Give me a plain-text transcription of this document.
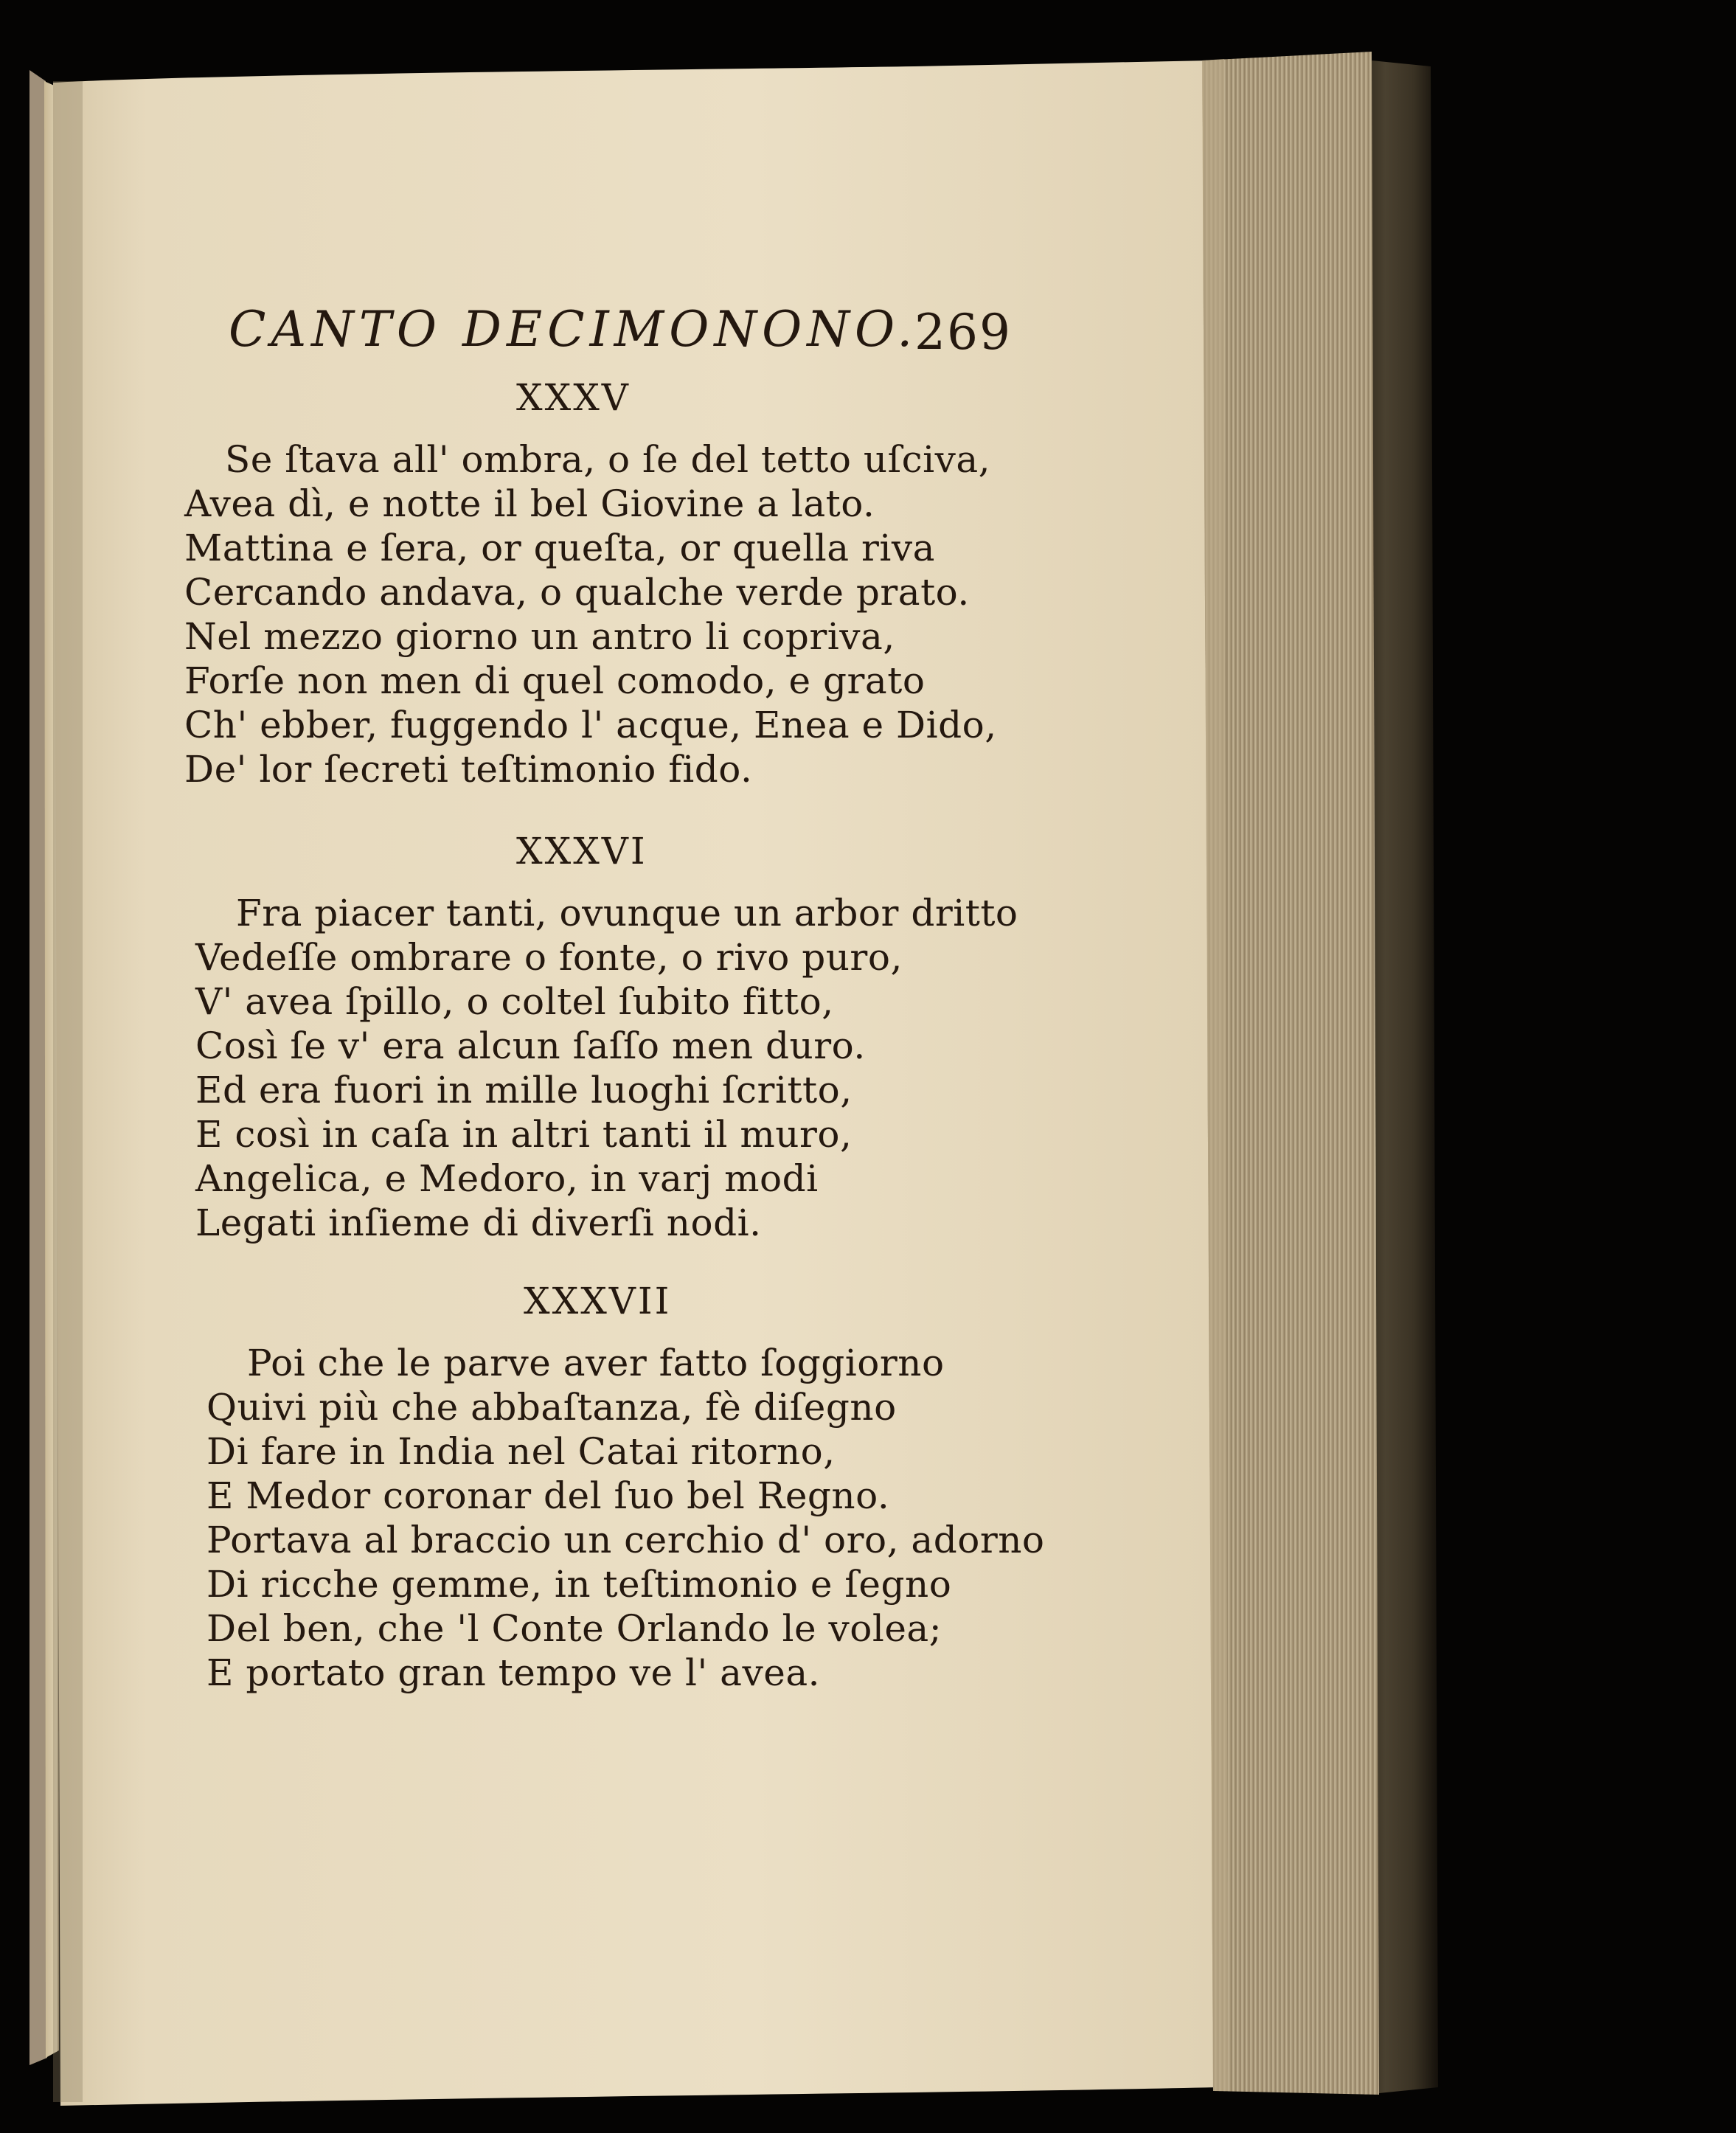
CANTO DECIMONONO.
269
XXXV
Se ſtava all' ombra, o ſe del tetto uſciva,
Avea dì, e notte il bel Giovine a lato.
Mattina e ſera, or queſta, or quella riva
Cercando andava, o qualche verde prato.
Nel mezzo giorno un antro li copriva,
Forſe non men di quel comodo, e grato
Ch' ebber, fuggendo l' acque, Enea e Dido,
De' lor ſecreti teſtimonio fido.
XXXVI
Fra piacer tanti, ovunque un arbor dritto
Vedeſſe ombrare o fonte, o rivo puro,
V' avea ſpillo, o coltel ſubito fitto,
Così ſe v' era alcun ſaſſo men duro.
Ed era fuori in mille luoghi ſcritto,
E così in caſa in altri tanti il muro,
Angelica, e Medoro, in varj modi
Legati inſieme di diverſi nodi.
XXXVII
Poi che le parve aver fatto ſoggiorno
Quivi più che abbaſtanza, fè diſegno
Di fare in India nel Catai ritorno,
E Medor coronar del ſuo bel Regno.
Portava al braccio un cerchio d' oro, adorno
Di ricche gemme, in teſtimonio e ſegno
Del ben, che 'l Conte Orlando le volea;
E portato gran tempo ve l' avea.
